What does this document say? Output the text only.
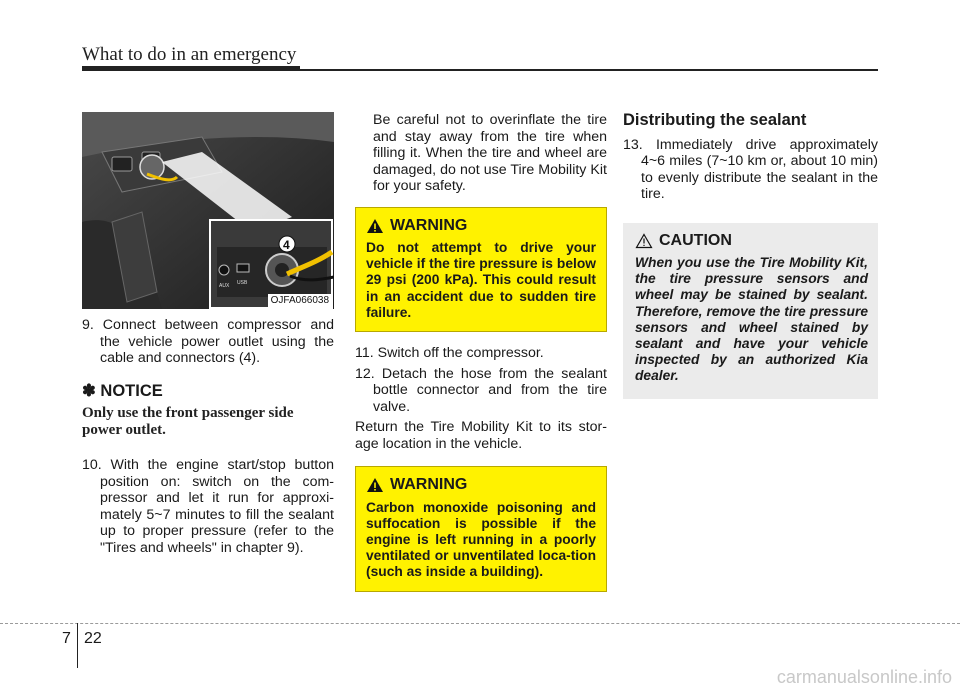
What to do in an emergency
AUX USB
4
OJFA066038

9. Connect between compressor and the vehicle power outlet using the cable and connectors (4).

✽ NOTICE
Only use the front passenger side power outlet.

10. With the engine start/stop button position on: switch on the com-pressor and let it run for approxi-mately 5~7 minutes to fill the sealant up to proper pressure (refer to the "Tires and wheels" in chapter 9).

Be careful not to overinflate the tire and stay away from the tire when filling it. When the tire and wheel are damaged, do not use Tire Mobility Kit for your safety.

WARNING
Do not attempt to drive your vehicle if the tire pressure is below 29 psi (200 kPa). This could result in an accident due to sudden tire failure.

11. Switch off the compressor.

12. Detach the hose from the sealant bottle connector and from the tire valve.

Return the Tire Mobility Kit to its stor-age location in the vehicle.

WARNING
Carbon monoxide poisoning and suffocation is possible if the engine is left running in a poorly ventilated or unventilated loca-tion (such as inside a building).
Distributing the sealant

13. Immediately drive approximately 4~6 miles (7~10 km or, about 10 min) to evenly distribute the sealant in the tire.

CAUTION
When you use the Tire Mobility Kit, the tire pressure sensors and wheel may be stained by sealant. Therefore, remove the tire pressure sensors and wheel stained by sealant and have your vehicle inspected by an authorized Kia dealer.
7 22
carmanualsonline.info
